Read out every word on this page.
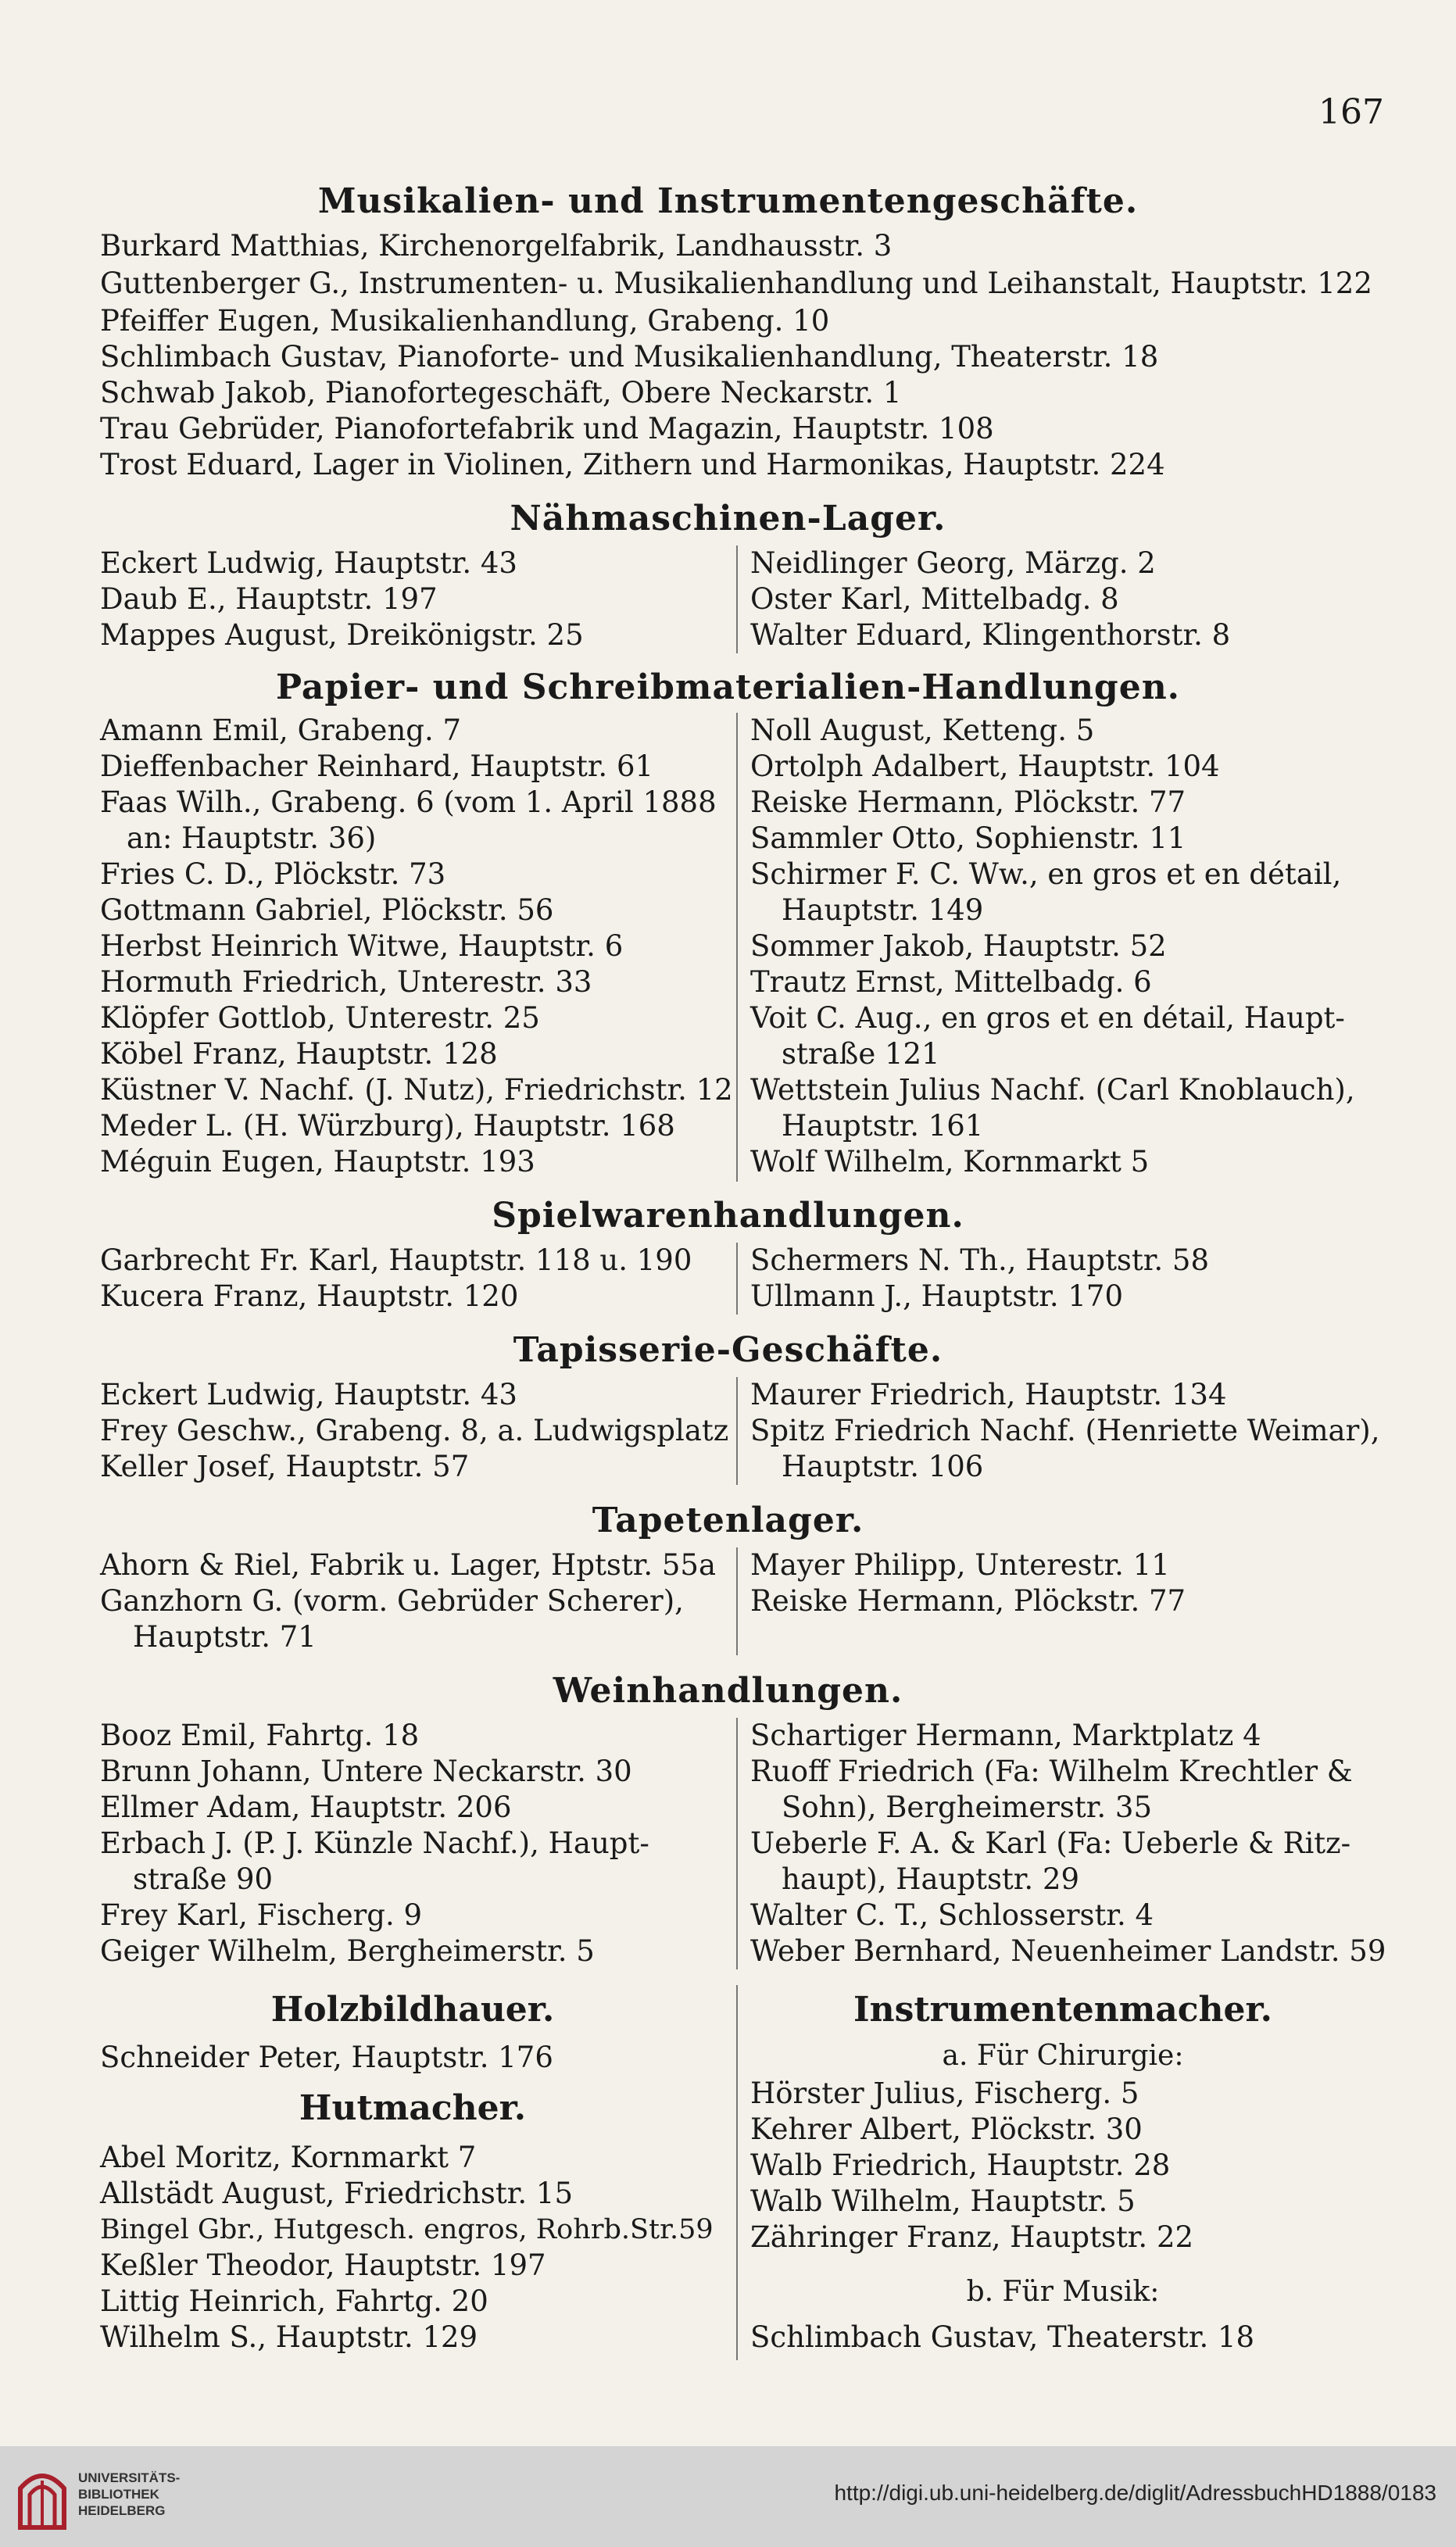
167
Musikalien- und Instrumentengeschäfte.
Burkard Matthias, Kirchenorgelfabrik, Landhausstr. 3
Guttenberger G., Instrumenten- u. Musikalienhandlung und Leihanstalt, Hauptstr. 122
Pfeiffer Eugen, Musikalienhandlung, Grabeng. 10
Schlimbach Gustav, Pianoforte- und Musikalienhandlung, Theaterstr. 18
Schwab Jakob, Pianofortegeschäft, Obere Neckarstr. 1
Trau Gebrüder, Pianofortefabrik und Magazin, Hauptstr. 108
Trost Eduard, Lager in Violinen, Zithern und Harmonikas, Hauptstr. 224
Nähmaschinen-Lager.
Eckert Ludwig, Hauptstr. 43
Daub E., Hauptstr. 197
Mappes August, Dreikönigstr. 25
Neidlinger Georg, Märzg. 2
Oster Karl, Mittelbadg. 8
Walter Eduard, Klingenthorstr. 8
Papier- und Schreibmaterialien-Handlungen.
Amann Emil, Grabeng. 7
Dieffenbacher Reinhard, Hauptstr. 61
Faas Wilh., Grabeng. 6 (vom 1. April 1888
an: Hauptstr. 36)
Fries C. D., Plöckstr. 73
Gottmann Gabriel, Plöckstr. 56
Herbst Heinrich Witwe, Hauptstr. 6
Hormuth Friedrich, Unterestr. 33
Klöpfer Gottlob, Unterestr. 25
Köbel Franz, Hauptstr. 128
Küstner V. Nachf. (J. Nutz), Friedrichstr. 12
Meder L. (H. Würzburg), Hauptstr. 168
Méguin Eugen, Hauptstr. 193
Noll August, Ketteng. 5
Ortolph Adalbert, Hauptstr. 104
Reiske Hermann, Plöckstr. 77
Sammler Otto, Sophienstr. 11
Schirmer F. C. Ww., en gros et en détail,
Hauptstr. 149
Sommer Jakob, Hauptstr. 52
Trautz Ernst, Mittelbadg. 6
Voit C. Aug., en gros et en détail, Haupt-
straße 121
Wettstein Julius Nachf. (Carl Knoblauch),
Hauptstr. 161
Wolf Wilhelm, Kornmarkt 5
Spielwarenhandlungen.
Garbrecht Fr. Karl, Hauptstr. 118 u. 190
Kucera Franz, Hauptstr. 120
Schermers N. Th., Hauptstr. 58
Ullmann J., Hauptstr. 170
Tapisserie-Geschäfte.
Eckert Ludwig, Hauptstr. 43
Frey Geschw., Grabeng. 8, a. Ludwigsplatz
Keller Josef, Hauptstr. 57
Maurer Friedrich, Hauptstr. 134
Spitz Friedrich Nachf. (Henriette Weimar),
Hauptstr. 106
Tapetenlager.
Ahorn & Riel, Fabrik u. Lager, Hptstr. 55a
Ganzhorn G. (vorm. Gebrüder Scherer),
Hauptstr. 71
Mayer Philipp, Unterestr. 11
Reiske Hermann, Plöckstr. 77
Weinhandlungen.
Booz Emil, Fahrtg. 18
Brunn Johann, Untere Neckarstr. 30
Ellmer Adam, Hauptstr. 206
Erbach J. (P. J. Künzle Nachf.), Haupt-
straße 90
Frey Karl, Fischerg. 9
Geiger Wilhelm, Bergheimerstr. 5
Schartiger Hermann, Marktplatz 4
Ruoff Friedrich (Fa: Wilhelm Krechtler &
Sohn), Bergheimerstr. 35
Ueberle F. A. & Karl (Fa: Ueberle & Ritz-
haupt), Hauptstr. 29
Walter C. T., Schlosserstr. 4
Weber Bernhard, Neuenheimer Landstr. 59
Holzbildhauer.
Schneider Peter, Hauptstr. 176
Hutmacher.
Abel Moritz, Kornmarkt 7
Allstädt August, Friedrichstr. 15
Bingel Gbr., Hutgesch. engros, Rohrb.Str.59
Keßler Theodor, Hauptstr. 197
Littig Heinrich, Fahrtg. 20
Wilhelm S., Hauptstr. 129
Instrumentenmacher.
a. Für Chirurgie:
Hörster Julius, Fischerg. 5
Kehrer Albert, Plöckstr. 30
Walb Friedrich, Hauptstr. 28
Walb Wilhelm, Hauptstr. 5
Zähringer Franz, Hauptstr. 22
b. Für Musik:
Schlimbach Gustav, Theaterstr. 18
UNIVERSITÄTS-
BIBLIOTHEK
HEIDELBERG
http://digi.ub.uni-heidelberg.de/diglit/AdressbuchHD1888/0183
